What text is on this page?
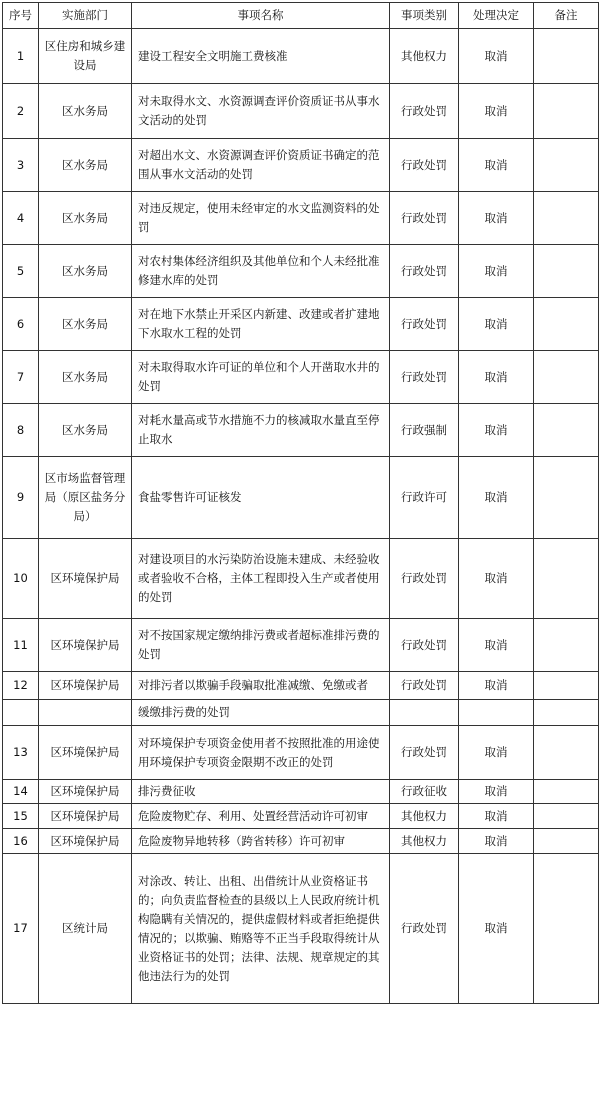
序号	实施部门	事项名称	事项类别	处理决定	备注
1	区住房和城乡建设局	建设工程安全文明施工费核准	其他权力	取消	
2	区水务局	对未取得水文、水资源调查评价资质证书从事水文活动的处罚	行政处罚	取消	
3	区水务局	对超出水文、水资源调查评价资质证书确定的范围从事水文活动的处罚	行政处罚	取消	
4	区水务局	对违反规定，使用未经审定的水文监测资料的处罚	行政处罚	取消	
5	区水务局	对农村集体经济组织及其他单位和个人未经批准修建水库的处罚	行政处罚	取消	
6	区水务局	对在地下水禁止开采区内新建、改建或者扩建地下水取水工程的处罚	行政处罚	取消	
7	区水务局	对未取得取水许可证的单位和个人开凿取水井的处罚	行政处罚	取消	
8	区水务局	对耗水量高或节水措施不力的核减取水量直至停止取水	行政强制	取消	
9	区市场监督管理局（原区盐务分局）	食盐零售许可证核发	行政许可	取消	
10	区环境保护局	对建设项目的水污染防治设施未建成、未经验收或者验收不合格，主体工程即投入生产或者使用的处罚	行政处罚	取消	
11	区环境保护局	对不按国家规定缴纳排污费或者超标准排污费的处罚	行政处罚	取消	
12	区环境保护局	对排污者以欺骗手段骗取批准减缴、免缴或者	行政处罚	取消	
		缓缴排污费的处罚			
13	区环境保护局	对环境保护专项资金使用者不按照批准的用途使用环境保护专项资金限期不改正的处罚	行政处罚	取消	
14	区环境保护局	排污费征收	行政征收	取消	
15	区环境保护局	危险废物贮存、利用、处置经营活动许可初审	其他权力	取消	
16	区环境保护局	危险废物异地转移（跨省转移）许可初审	其他权力	取消	
17	区统计局	对涂改、转让、出租、出借统计从业资格证书的；向负责监督检查的县级以上人民政府统计机构隐瞒有关情况的，提供虚假材料或者拒绝提供情况的；以欺骗、贿赂等不正当手段取得统计从业资格证书的处罚；法律、法规、规章规定的其他违法行为的处罚	行政处罚	取消	
